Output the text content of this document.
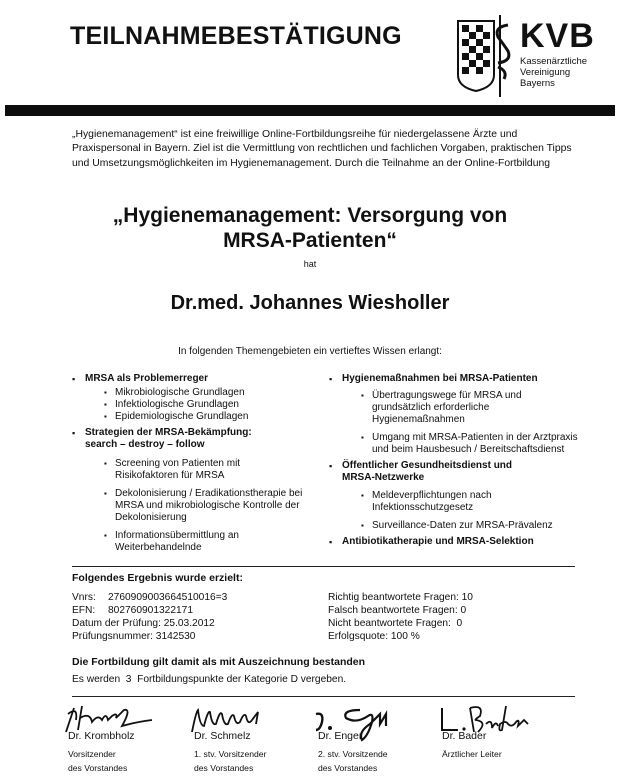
TEILNAHMEBESTÄTIGUNG	KVB
Kassenärztliche
Vereinigung
Bayerns
„Hygienemanagement“ ist eine freiwillige Online-Fortbildungsreihe für niedergelassene Ärzte und Praxispersonal in Bayern. Ziel ist die Vermittlung von rechtlichen und fachlichen Vorgaben, praktischen Tipps und Umsetzungsmöglichkeiten im Hygienemanagement. Durch die Teilnahme an der Online-Fortbildung
„Hygienemanagement: Versorgung von
MRSA-Patienten“
hat
Dr.med. Johannes Wiesholler
In folgenden Themengebieten ein vertieftes Wissen erlangt:
▪ MRSA als Problemerreger
▪ Mikrobiologische Grundlagen
▪ Infektiologische Grundlagen
▪ Epidemiologische Grundlagen
▪ Strategien der MRSA-Bekämpfung:
search – destroy – follow
▪ Screening von Patienten mit Risikofaktoren für MRSA
▪ Dekolonisierung / Eradikationstherapie bei MRSA und mikrobiologische Kontrolle der Dekolonisierung
▪ Informationsübermittlung an Weiterbehandelnde
▪ Hygienemaßnahmen bei MRSA-Patienten
▪ Übertragungswege für MRSA und grundsätzlich erforderliche Hygienemaßnahmen
▪ Umgang mit MRSA-Patienten in der Arztpraxis und beim Hausbesuch / Bereitschaftsdienst
▪ Öffentlicher Gesundheitsdienst und
MRSA-Netzwerke
▪ Meldeverpflichtungen nach Infektionsschutzgesetz
▪ Surveillance-Daten zur MRSA-Prävalenz
▪ Antibiotikatherapie und MRSA-Selektion
Folgendes Ergebnis wurde erzielt:
Vnrs: 2760909003664510016=3
EFN: 802760901322171
Datum der Prüfung: 25.03.2012
Prüfungsnummer: 3142530
Richtig beantwortete Fragen: 10
Falsch beantwortete Fragen: 0
Nicht beantwortete Fragen:  0
Erfolgsquote: 100 %
Die Fortbildung gilt damit als mit Auszeichnung bestanden
Es werden  3  Fortbildungspunkte der Kategorie D vergeben.
Dr. Krombholz
Vorsitzender
des Vorstandes
Dr. Schmelz
1. stv. Vorsitzender
des Vorstandes
Dr. Enger
2. stv. Vorsitzende
des Vorstandes
Dr. Bader
Ärztlicher Leiter
